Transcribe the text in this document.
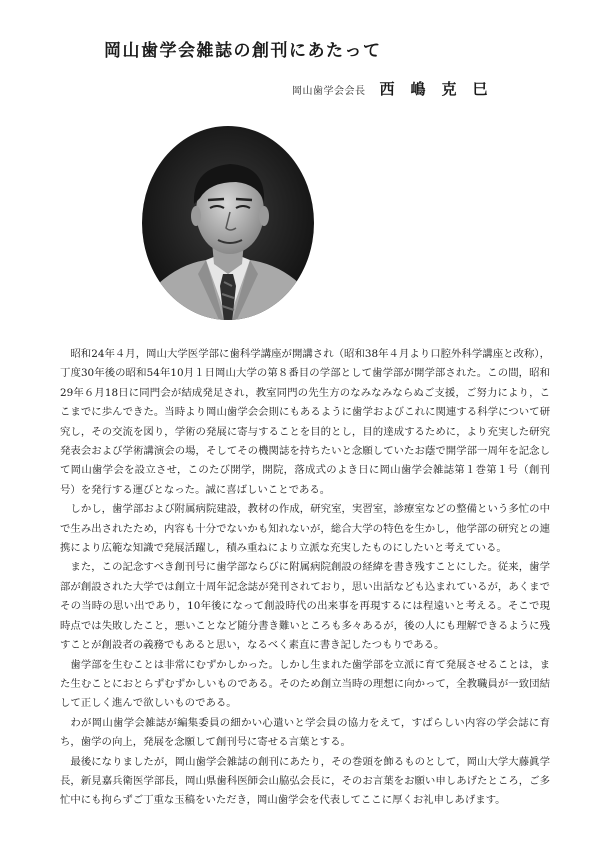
岡山歯学会雑誌の創刊にあたって
岡山歯学会会長 西嶋克巳

昭和24年４月，岡山大学医学部に歯科学講座が開講され（昭和38年４月より口腔外科学講座と改称），丁度30年後の昭和54年10月１日岡山大学の第８番目の学部として歯学部が開学部された。この間，昭和29年６月18日に同門会が結成発足され，教室同門の先生方のなみなみならぬご支援，ご努力により，ここまでに歩んできた。当時より岡山歯学会会則にもあるように歯学およびこれに関連する科学について研究し，その交流を図り，学術の発展に寄与することを目的とし，目的達成するために，より充実した研究発表会および学術講演会の場，そしてその機関誌を持ちたいと念願していたお蔭で開学部一周年を記念して岡山歯学会を設立させ，このたび開学，開院，落成式のよき日に岡山歯学会雑誌第１巻第１号（創刊号）を発行する運びとなった。誠に喜ばしいことである。

しかし，歯学部および附属病院建設，教材の作成，研究室，実習室，診療室などの整備という多忙の中で生み出されたため，内容も十分でないかも知れないが，総合大学の特色を生かし，他学部の研究との連携により広範な知識で発展活躍し，積み重ねにより立派な充実したものにしたいと考えている。

また，この記念すべき創刊号に歯学部ならびに附属病院創設の経緯を書き残すことにした。従来，歯学部が創設された大学では創立十周年記念誌が発刊されており，思い出話なども込まれているが，あくまでその当時の思い出であり，10年後になって創設時代の出来事を再現するには程遠いと考える。そこで現時点では失敗したこと，悪いことなど随分書き難いところも多々あるが，後の人にも理解できるように残すことが創設者の義務でもあると思い，なるべく素直に書き記したつもりである。

歯学部を生むことは非常にむずかしかった。しかし生まれた歯学部を立派に育て発展させることは，また生むことにおとらずむずかしいものである。そのため創立当時の理想に向かって，全教職員が一致団結して正しく進んで欲しいものである。

わが岡山歯学会雑誌が編集委員の細かい心遣いと学会員の協力をえて，すばらしい内容の学会誌に育ち，歯学の向上，発展を念願して創刊号に寄せる言葉とする。

最後になりましたが，岡山歯学会雑誌の創刊にあたり，その巻頭を飾るものとして，岡山大学大藤眞学長，新見嘉兵衛医学部長，岡山県歯科医師会山脇弘会長に，そのお言葉をお願い申しあげたところ，ご多忙中にも拘らずご丁重な玉稿をいただき，岡山歯学会を代表してここに厚くお礼申しあげます。
